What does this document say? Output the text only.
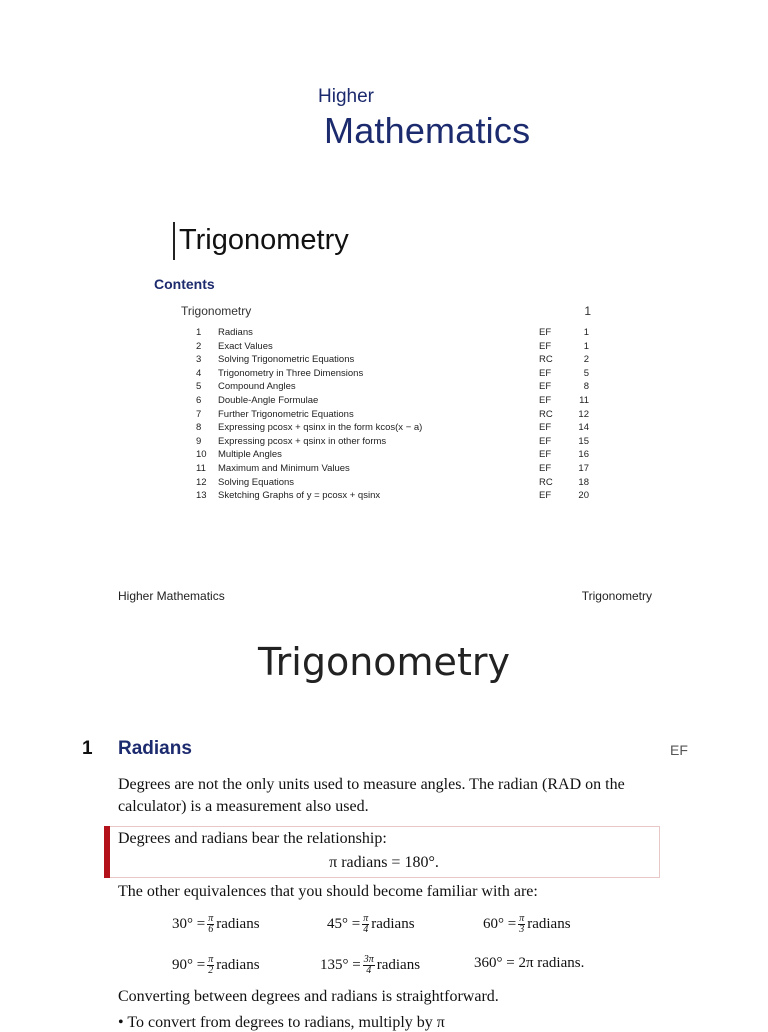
Higher
Mathematics
Trigonometry
Contents
Trigonometry	1
1	Radians	EF	1
2	Exact Values	EF	1
3	Solving Trigonometric Equations	RC	2
4	Trigonometry in Three Dimensions	EF	5
5	Compound Angles	EF	8
6	Double-Angle Formulae	EF	11
7	Further Trigonometric Equations	RC	12
8	Expressing pcosx + qsinx in the form kcos(x − a)	EF	14
9	Expressing pcosx + qsinx in other forms	EF	15
10	Multiple Angles	EF	16
11	Maximum and Minimum Values	EF	17
12	Solving Equations	RC	18
13	Sketching Graphs of y = pcosx + qsinx	EF	20
Higher Mathematics	Trigonometry
Trigonometry
1 Radians	EF
Degrees are not the only units used to measure angles. The radian (RAD on the calculator) is a measurement also used.
Degrees and radians bear the relationship:
π radians = 180°.
The other equivalences that you should become familiar with are:
$30^\circ = \frac{\pi}{6}$ radians	$45^\circ = \frac{\pi}{4}$ radians	$60^\circ = \frac{\pi}{3}$ radians
$90^\circ = \frac{\pi}{2}$ radians	$135^\circ = \frac{3\pi}{4}$ radians	360° = 2π radians.
Converting between degrees and radians is straightforward.
• To convert from degrees to radians, multiply by π
